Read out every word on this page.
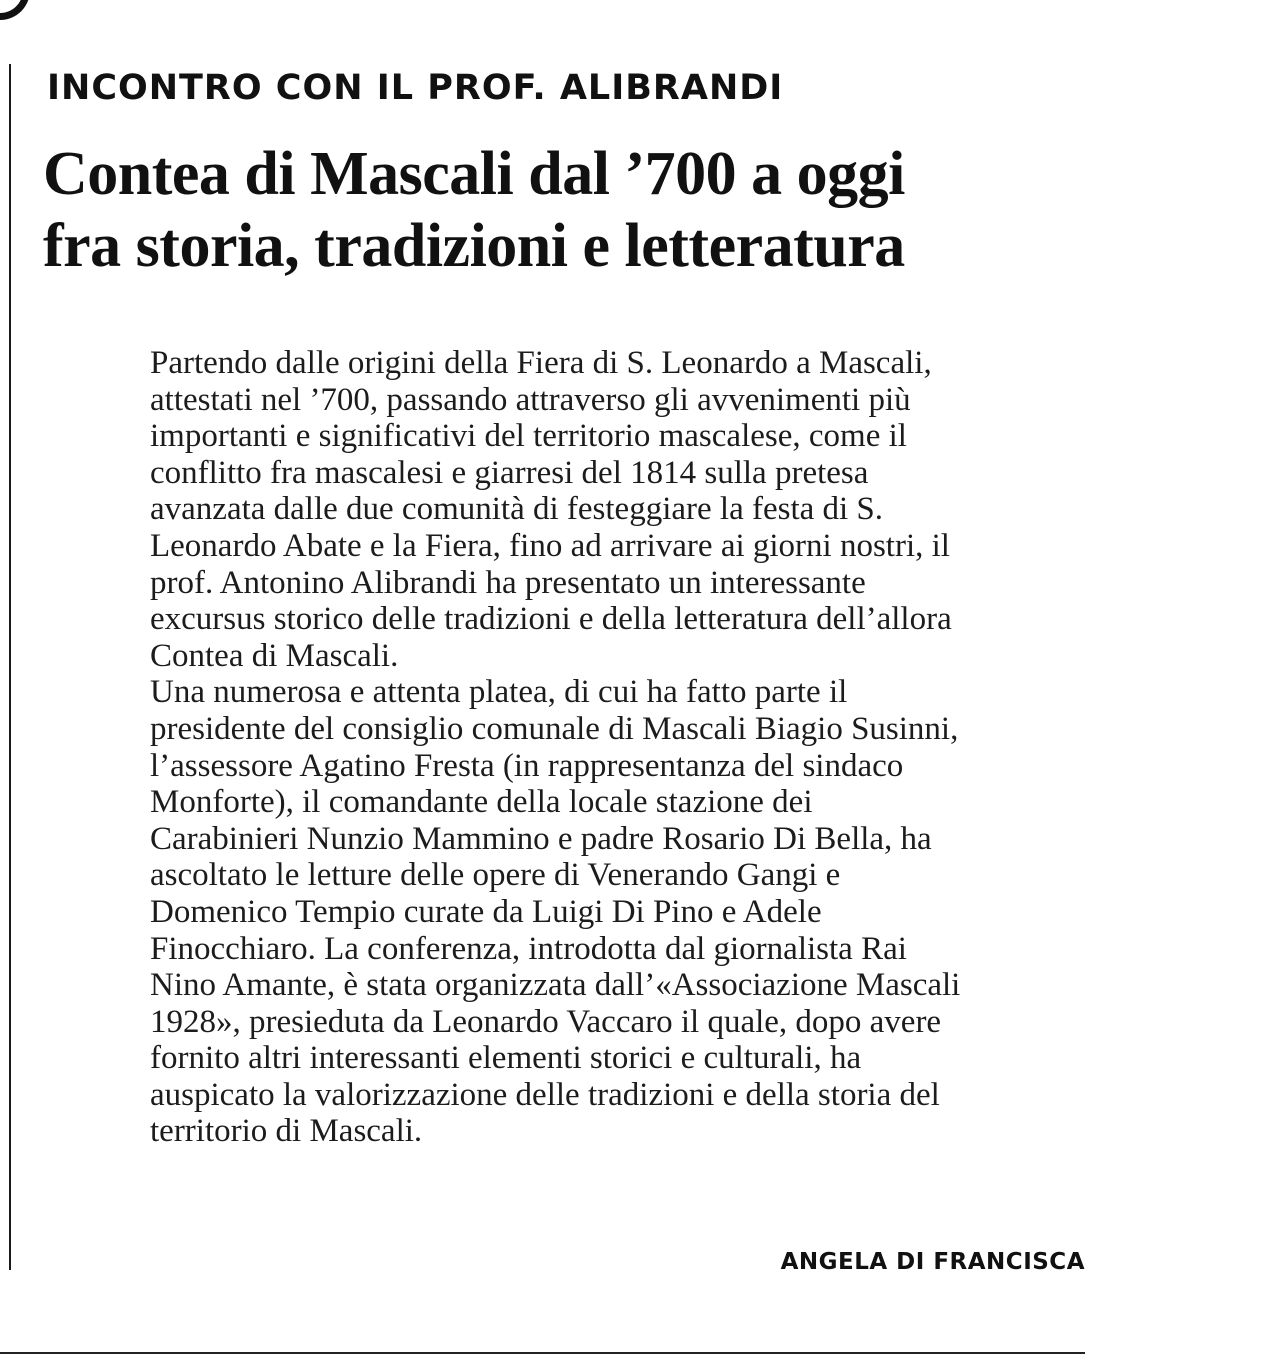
INCONTRO CON IL PROF. ALIBRANDI
Contea di Mascali dal ’700 a oggi
fra storia, tradizioni e letteratura
Partendo dalle origini della Fiera di S. Leonardo a Mascali,
attestati nel ’700, passando attraverso gli avvenimenti più
importanti e significativi del territorio mascalese, come il
conflitto fra mascalesi e giarresi del 1814 sulla pretesa
avanzata dalle due comunità di festeggiare la festa di S.
Leonardo Abate e la Fiera, fino ad arrivare ai giorni nostri, il
prof. Antonino Alibrandi ha presentato un interessante
excursus storico delle tradizioni e della letteratura dell’allora
Contea di Mascali.
Una numerosa e attenta platea, di cui ha fatto parte il
presidente del consiglio comunale di Mascali Biagio Susinni,
l’assessore Agatino Fresta (in rappresentanza del sindaco
Monforte), il comandante della locale stazione dei
Carabinieri Nunzio Mammino e padre Rosario Di Bella, ha
ascoltato le letture delle opere di Venerando Gangi e
Domenico Tempio curate da Luigi Di Pino e Adele
Finocchiaro. La conferenza, introdotta dal giornalista Rai
Nino Amante, è stata organizzata dall’«Associazione Mascali
1928», presieduta da Leonardo Vaccaro il quale, dopo avere
fornito altri interessanti elementi storici e culturali, ha
auspicato la valorizzazione delle tradizioni e della storia del
territorio di Mascali.

ANGELA DI FRANCISCA
